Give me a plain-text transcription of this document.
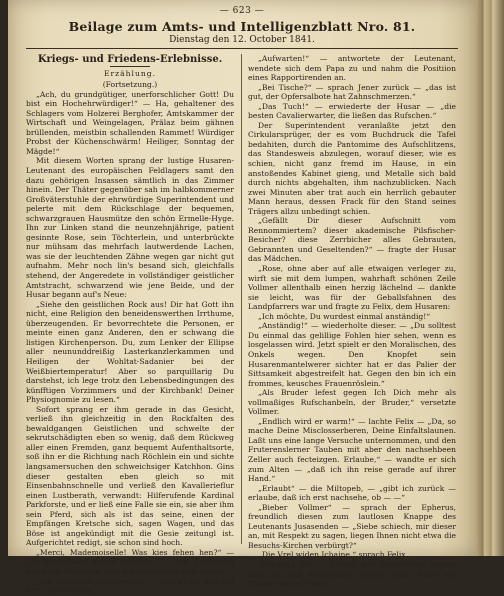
— 623 —
Beilage zum Amts- und Intelligenzblatt Nro. 81.
Dienstag den 12. October 1841.
Kriegs- und Friedens-Erlebnisse.
Erzählung.

(Fortsetzung.)

„Ach, du grundgütiger, unerforschlicher Gott! Du bist ein Hochehrwürdiger!“ — Ha, gehaltener des Schlagers vom Holzerei Berghofer, Amtskammer der Wirtschaft und Weingelagen, Prälaz beim gähnen brüllenden, meistbin schallenden Rammet! Würdiger Probst der Küchenschwärm! Heiliger, Sonntag der Mägde!“

Mit diesem Worten sprang der lustige Husaren-Leutenant des europäischen Feldlagers samt den dazu gehörigen Insassen sämtlich in das Zimmer hinein. Der Thäter gegenüber sah im halbkommerner Großväterstuhle der ehrwürdige Superintendent und pelerte mit dem Rückschlage der bequemen, schwarzgrauen Hausmütze den schön Ermelle-Hyge. Ihn zur Linken stand die neunzehnjährige, patient gesinnte Rose, sein Töchterlein, und unterbrückte nur mühsam das mehrfach lautwerdende Lachen, was sie der leuchtenden Zähne wegen gar nicht gut aufnahm. Mehr noch lin's besand sich, gleichfalls stehend, der Angeredete in vollständiger geistlicher Amtstracht, schwarzend wie jene Beide, und der Husar begann auf's Neue:

„Siehe den geistlichen Rock aus! Dir hat Gott ihn nicht, eine Religion den beneidenswerthen Irrthume, überzeugenden. Er bevorrechtete die Personen, er meinte einen ganz Anderen, den er schwang die listigen Kirchenperson. Du, zum Lenker der Ellipse aller neununddreißig Lasterkanzlerkammen und Heiligen der Wohltat-Sadanier bei der Weißbiertemperatur! Aber so parquillarig Du darstehst, ich lege trotz den Lebensbedingungen des künfftigen Vorzimmers und der Kirchbank! Deiner Physiognomie zu lesen.“

Sofort sprang er ihm gerade in das Gesicht, verließ ihn gleichzeitig in den Rockfalten des bewaldgangen Geistlichen und schwelte der sekrutschädigten eben so wenig, daß dem Rückweg aller einen Fremden, ganz bequemt Aufenthaltsorte, soß ihn er die Richtung nach Röchlein ein und sichte langsamersuchen den schweichsiger Katchhon. Gins dieser gestalten eben gleich so mit Einsenbahnschnelle und verließ den Kavallerieflur einen Lustberath, verwandt: Hilferufende Kardinal Parkforste, und er ließ eine Falle sie ein, sie aber ihm sein Pferd, sich als ist das seine, einen der Empfängen Kretsche sich, sagen Wagen, und das Böse ist angekündigt mit die Gesie zeitungl ist. Aufgerichtet redigt, sie schon sind hoch.

„Merci, Mademoiselle! Was kies fehen hen?“ — „Es erschälsam Meine Fräulein!“ — zum Leutenant hatte das Mädchen, und der Superintendent fragte:

„Ein Getränkle trinkeweges. — Wer weiß? Was will Er?“ rief er hinzu.

„Aufwarten!“ — antwortete der Leutenant, wendete sich dem Papa zu und nahm die Positiion eines Rapportirenden an.

„Bei Tische?“ — sprach Jener zurück — „das ist gut, der Opfersalbote hat Zahnschmerzen.“

„Das Tuch!“ — erwiederte der Husar — „die besten Cavalierwarter, die ließen das Rufschen.“

Der Superintendent veranlaßte jetzt den Cirkularsprüger, der es vom Buchdruck die Tafel bedahiten, durch die Pantomime des Aufschlitzens, das Standesweis abzulegen, worauf dieser, wie es schien, nicht ganz fremd im Hause, in ein anstoßendes Kabinet gieng, und Metalle sich bald durch nichts abgehalten, ihm nachzublicken. Nach zwei Minuten aber trat auch ein herrlich gebauter Mann heraus, dessen Frack für den Stand seines Trägers allzu unbedingt schien.

„Gefällt Dir dieser Aufschnitt vom Rennommiertem? dieser akademische Pilsfischer-Besicher? diese Zerrbicher alles Gebrauten, Gebrannten und Geseltenden?“ — fragte der Husar das Mädchen.

„Rose, ohne aber auf alle etwaigen verleger zu, wirft sie mit dem lumpen, wahrhaft schönen Zeile Vollmer allenthalb einen herzig lächelnd — dankte sie leicht, was für der Geballsfahnen des Landpfarrers war und fragte zu Felix, dem Husaren:

„Ich möchte, Du wurdest einmal anständig!“

„Anständig!“ — wiederholte dieser. — „Du solltest Du einmal das gelillige Fohlen hier sehen, wenn es losgelassen wird. Jetzt spielt er den Moralischen, des Onkels wegen. Den Knopfet sein Husarenmantelwerer sichter hat er das Palier der Sittsamkeit abgestreifelt hat. Gegen den bin ich ein frommes, keusches Frauenröslein.“

„Als Bruder lefest gegen Ich Dich mehr als vollmaßiges Rufschanbeln, der Bruder,“ versetzte Vollmer.

„Endlich wird er warm!“ — lachte Felix — „Da, so mache Deine Misclosserberen, Deine Einfaltslaunen. Laßt uns eine lange Versuche unternommen, und den Fruterenslerner Tauben mit aber den nachsehbeen Zeller auch fecteizgen. Erlaube,“ — wandte er sich zum Alten — „daß ich ihn reise gerade auf ihrer Hand.“

„Erlaubt“ — die Miltopeb, — „gibt ich zurück — erlaube, daß ich erst nachsehe, ob — —“

„Bieber Vollmer“ — sprach der Epherus, freundlich diesen zum lautlosen Knappe des Leutenants Jusasenden — „Siebe schiech, mir dieser an, mit Respekt zu sagen, liegen Ihnen nicht etwa die Besuchs-Kirchen verbürgt?“

„Die Vrel widen Ichaine,“ sprach Felix.

„Schweig Er“ — zürnte der Gutmüthige diesen lang an und wiederholte durch einen Blick auf Vollmer seine Frage.
